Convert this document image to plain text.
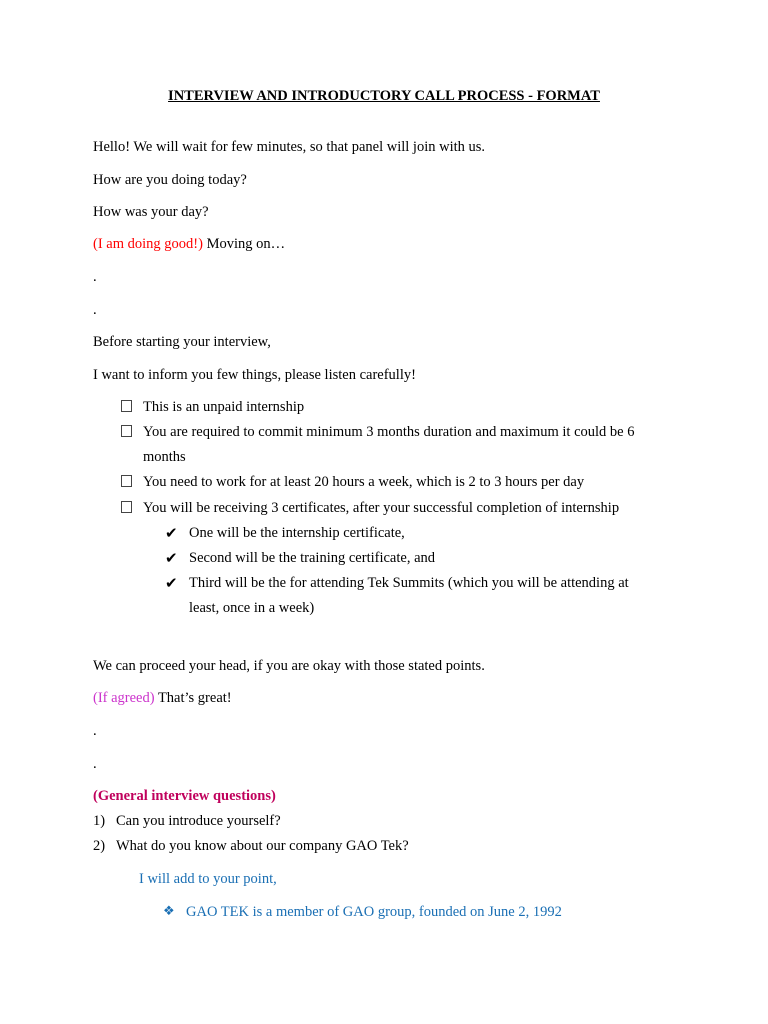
INTERVIEW AND INTRODUCTORY CALL PROCESS - FORMAT
Hello! We will wait for few minutes, so that panel will join with us.
How are you doing today?
How was your day?
(I am doing good!) Moving on…
.
.
Before starting your interview,
I want to inform you few things, please listen carefully!
This is an unpaid internship
You are required to commit minimum 3 months duration and maximum it could be 6
months
You need to work for at least 20 hours a week, which is 2 to 3 hours per day
You will be receiving 3 certificates, after your successful completion of internship
✔ One will be the internship certificate,
✔ Second will be the training certificate, and
✔ Third will be the for attending Tek Summits (which you will be attending at
least, once in a week)
We can proceed your head, if you are okay with those stated points.
(If agreed) That’s great!
.
.
(General interview questions)
1) Can you introduce yourself?
2) What do you know about our company GAO Tek?
I will add to your point,
❖ GAO TEK is a member of GAO group, founded on June 2, 1992
